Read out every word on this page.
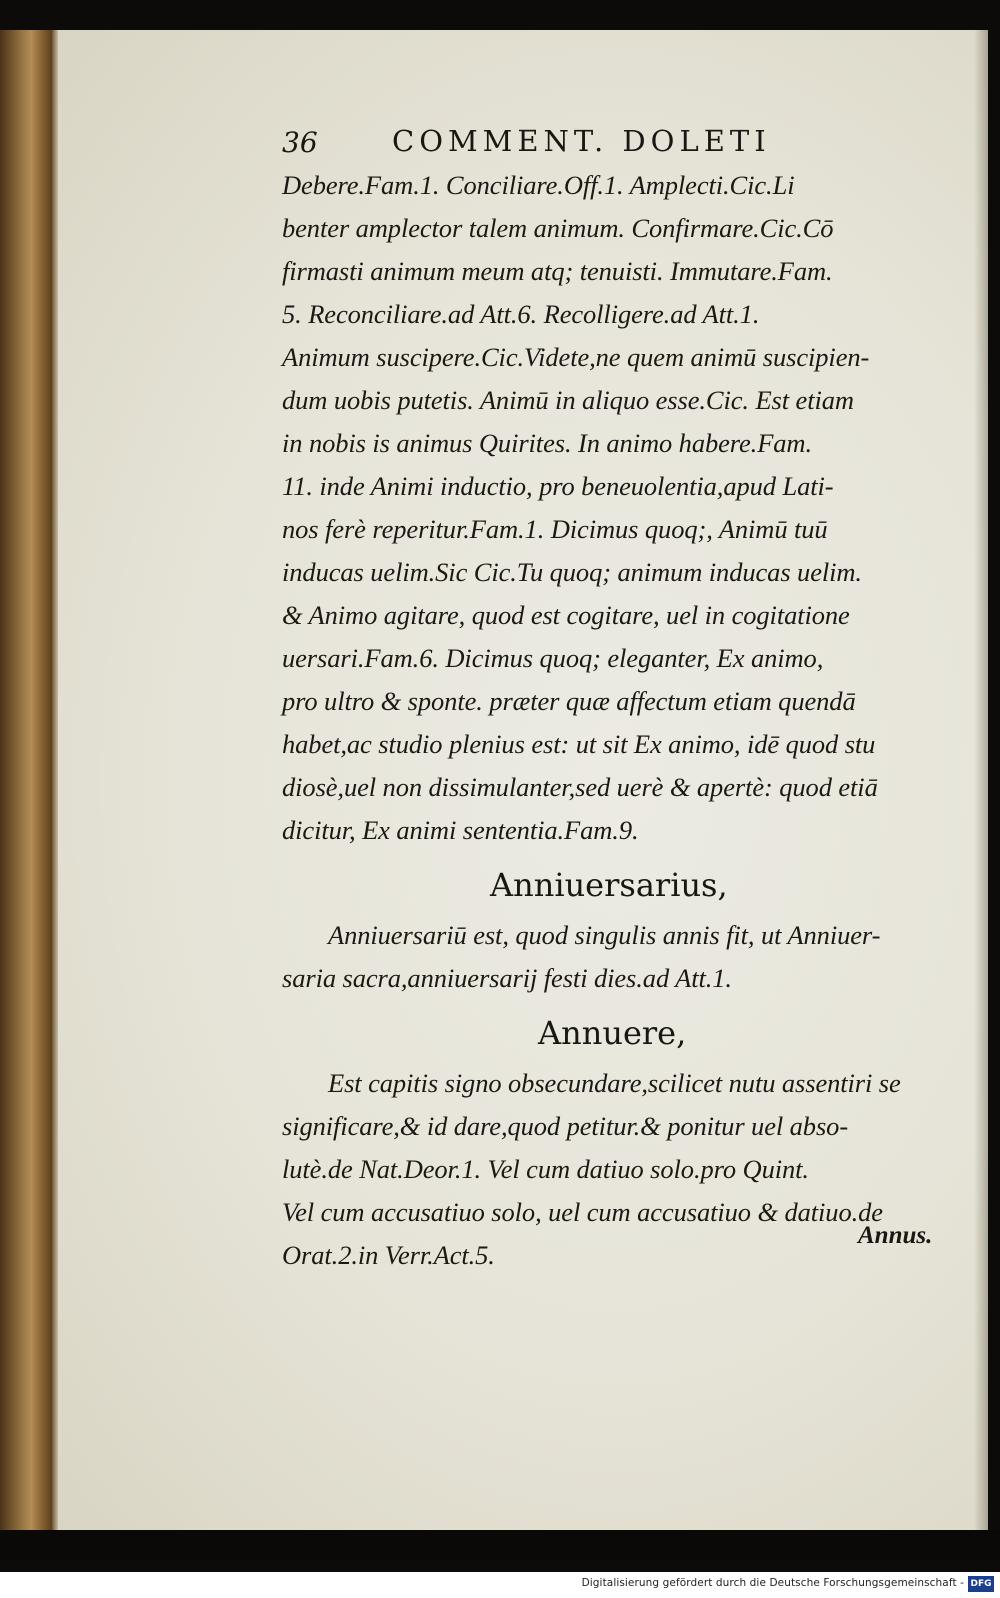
36	COMMENT. DOLETI
Debere.Fam.1. Conciliare.Off.1. Amplecti.Cic.Li
benter amplector talem animum. Confirmare.Cic.Cō
firmasti animum meum atq; tenuisti. Immutare.Fam.
5. Reconciliare.ad Att.6. Recolligere.ad Att.1.
Animum suscipere.Cic.Videte,ne quem animū suscipien-
dum uobis putetis. Animū in aliquo esse.Cic. Est etiam
in nobis is animus Quirites. In animo habere.Fam.
11. inde Animi inductio, pro beneuolentia,apud Lati-
nos ferè reperitur.Fam.1. Dicimus quoq;, Animū tuū
inducas uelim.Sic Cic.Tu quoq; animum inducas uelim.
& Animo agitare, quod est cogitare, uel in cogitatione
uersari.Fam.6. Dicimus quoq; eleganter, Ex animo,
pro ultro & sponte. præter quæ affectum etiam quendā
habet,ac studio plenius est: ut sit Ex animo, idē quod stu
diosè,uel non dissimulanter,sed uerè & apertè: quod etiā
dicitur, Ex animi sententia.Fam.9.
Anniuersarius,
Anniuersariū est, quod singulis annis fit, ut Anniuer-
saria sacra,anniuersarij festi dies.ad Att.1.
Annuere,
Est capitis signo obsecundare,scilicet nutu assentiri se
significare,& id dare,quod petitur.& ponitur uel abso-
lutè.de Nat.Deor.1. Vel cum datiuo solo.pro Quint.
Vel cum accusatiuo solo, uel cum accusatiuo & datiuo.de
Orat.2.in Verr.Act.5.
Annus.
Digitalisierung gefördert durch die Deutsche Forschungsgemeinschaft - DFG
